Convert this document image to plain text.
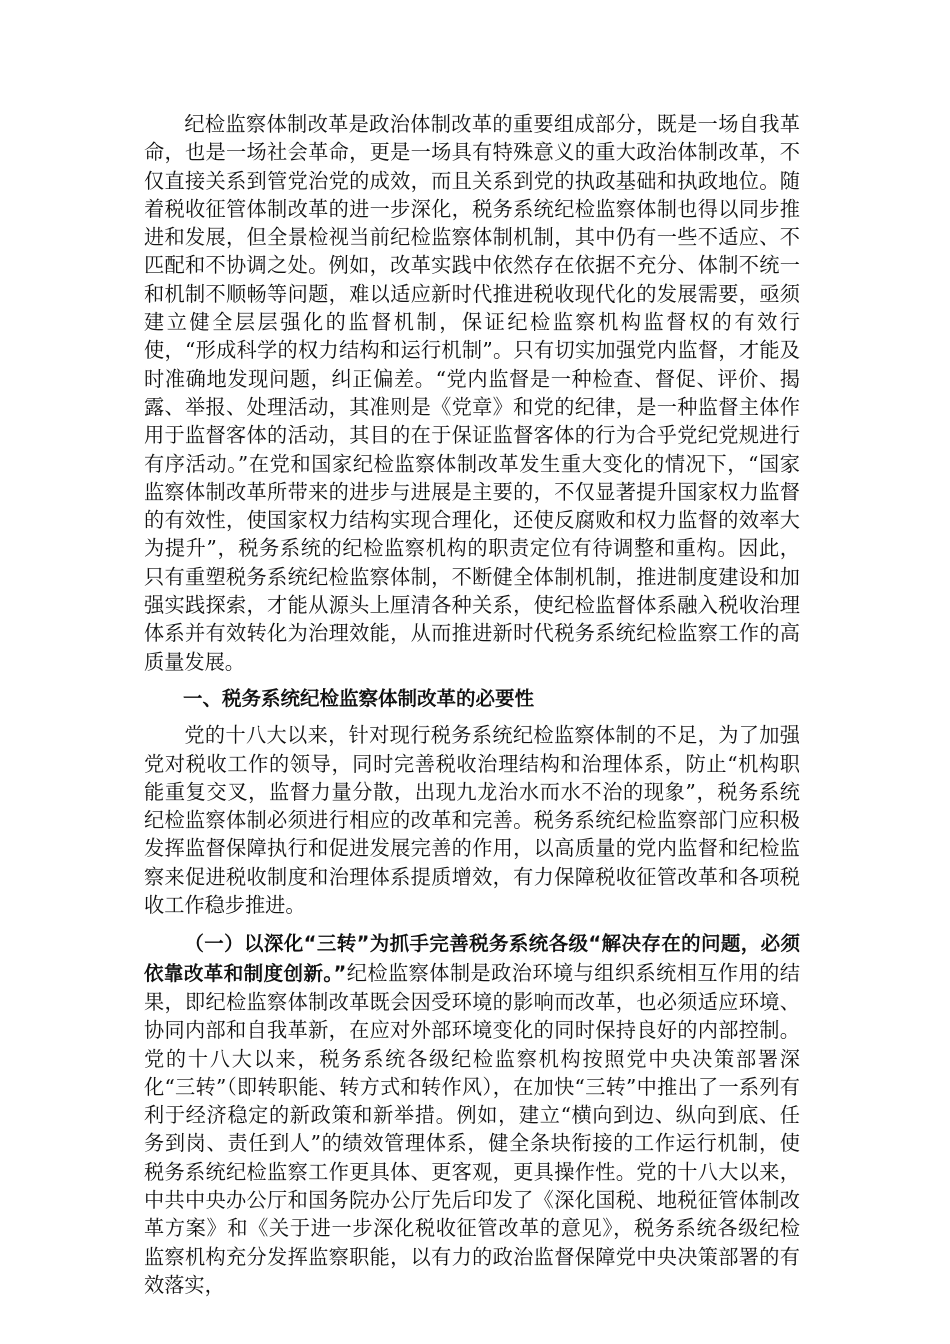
纪检监察体制改革是政治体制改革的重要组成部分，既是一场自我革命，也是一场社会革命，更是一场具有特殊意义的重大政治体制改革，不仅直接关系到管党治党的成效，而且关系到党的执政基础和执政地位。随着税收征管体制改革的进一步深化，税务系统纪检监察体制也得以同步推进和发展，但全景检视当前纪检监察体制机制，其中仍有一些不适应、不匹配和不协调之处。例如，改革实践中依然存在依据不充分、体制不统一和机制不顺畅等问题，难以适应新时代推进税收现代化的发展需要，亟须建立健全层层强化的监督机制，保证纪检监察机构监督权的有效行使，“形成科学的权力结构和运行机制”。只有切实加强党内监督，才能及时准确地发现问题，纠正偏差。“党内监督是一种检查、督促、评价、揭露、举报、处理活动，其准则是《党章》和党的纪律，是一种监督主体作用于监督客体的活动，其目的在于保证监督客体的行为合乎党纪党规进行有序活动。”在党和国家纪检监察体制改革发生重大变化的情况下，“国家监察体制改革所带来的进步与进展是主要的，不仅显著提升国家权力监督的有效性，使国家权力结构实现合理化，还使反腐败和权力监督的效率大为提升”，税务系统的纪检监察机构的职责定位有待调整和重构。因此，只有重塑税务系统纪检监察体制，不断健全体制机制，推进制度建设和加强实践探索，才能从源头上厘清各种关系，使纪检监督体系融入税收治理体系并有效转化为治理效能，从而推进新时代税务系统纪检监察工作的高质量发展。

一、税务系统纪检监察体制改革的必要性

党的十八大以来，针对现行税务系统纪检监察体制的不足，为了加强党对税收工作的领导，同时完善税收治理结构和治理体系，防止“机构职能重复交叉，监督力量分散，出现九龙治水而水不治的现象”，税务系统纪检监察体制必须进行相应的改革和完善。税务系统纪检监察部门应积极发挥监督保障执行和促进发展完善的作用，以高质量的党内监督和纪检监察来促进税收制度和治理体系提质增效，有力保障税收征管改革和各项税收工作稳步推进。

（一）以深化“三转”为抓手完善税务系统各级“解决存在的问题，必须依靠改革和制度创新。”纪检监察体制是政治环境与组织系统相互作用的结果，即纪检监察体制改革既会因受环境的影响而改革，也必须适应环境、协同内部和自我革新，在应对外部环境变化的同时保持良好的内部控制。党的十八大以来，税务系统各级纪检监察机构按照党中央决策部署深化“三转”（即转职能、转方式和转作风），在加快“三转”中推出了一系列有利于经济稳定的新政策和新举措。例如，建立“横向到边、纵向到底、任务到岗、责任到人”的绩效管理体系，健全条块衔接的工作运行机制，使税务系统纪检监察工作更具体、更客观，更具操作性。党的十八大以来，中共中央办公厅和国务院办公厅先后印发了《深化国税、地税征管体制改革方案》和《关于进一步深化税收征管改革的意见》，税务系统各级纪检监察机构充分发挥监察职能，以有力的政治监督保障党中央决策部署的有效落实，
